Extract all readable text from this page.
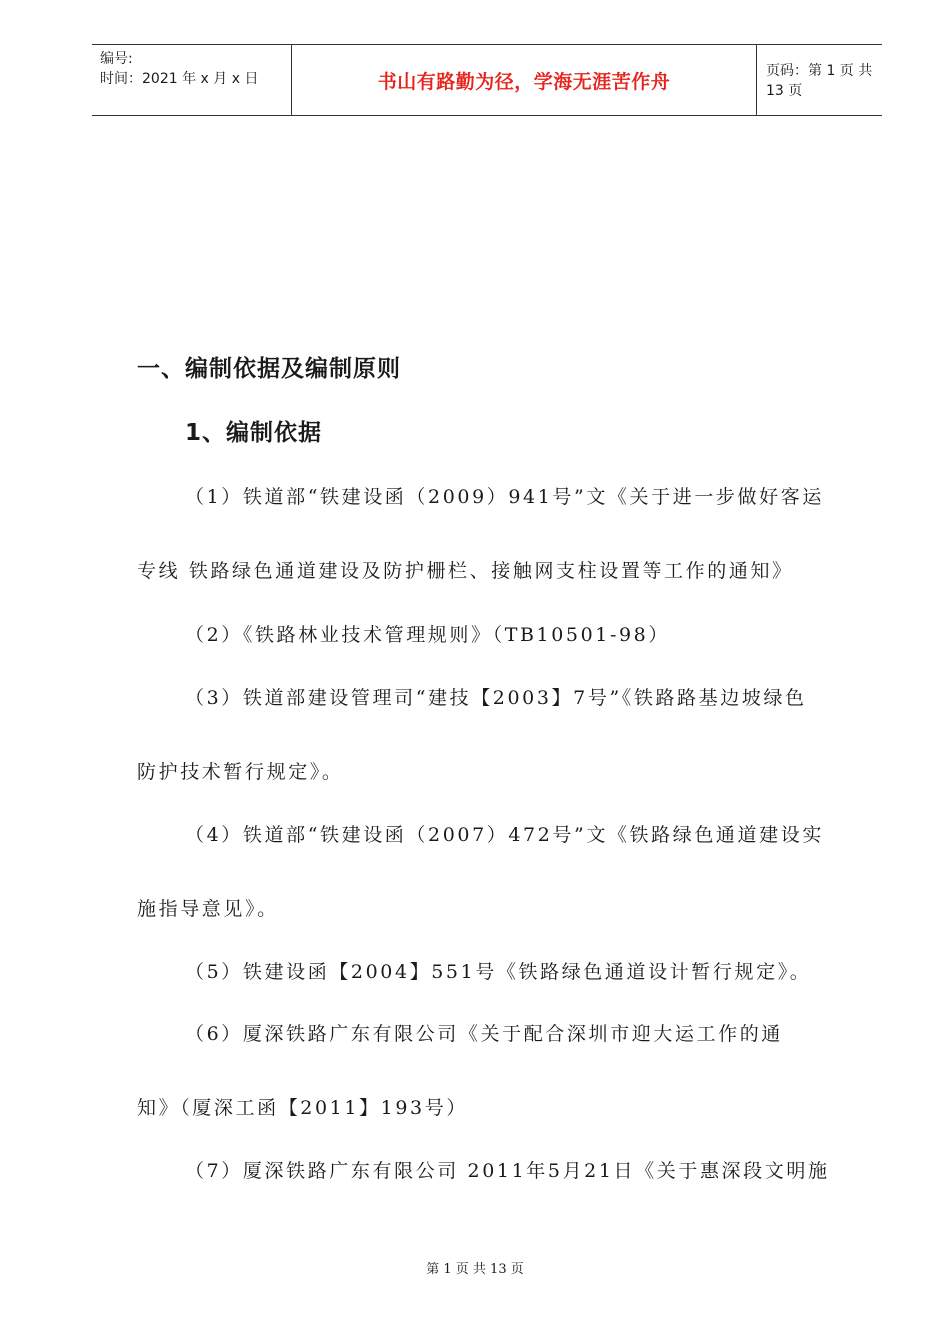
编号:
时间：2021 年 x 月 x 日	书山有路勤为径，学海无涯苦作舟	页码：第 1 页 共 13 页
一、编制依据及编制原则
1、编制依据
（1）铁道部“铁建设函（2009）941号”文《关于进一步做好客运
专线 铁路绿色通道建设及防护栅栏、接触网支柱设置等工作的通知》
（2）《铁路林业技术管理规则》（TB10501-98）
（3）铁道部建设管理司“建技【2003】7号”《铁路路基边坡绿色
防护技术暂行规定》。
（4）铁道部“铁建设函（2007）472号”文《铁路绿色通道建设实
施指导意见》。
（5）铁建设函【2004】551号《铁路绿色通道设计暂行规定》。
（6）厦深铁路广东有限公司《关于配合深圳市迎大运工作的通
知》（厦深工函【2011】193号）
（7）厦深铁路广东有限公司 2011年5月21日《关于惠深段文明施
第 1 页 共 13 页
